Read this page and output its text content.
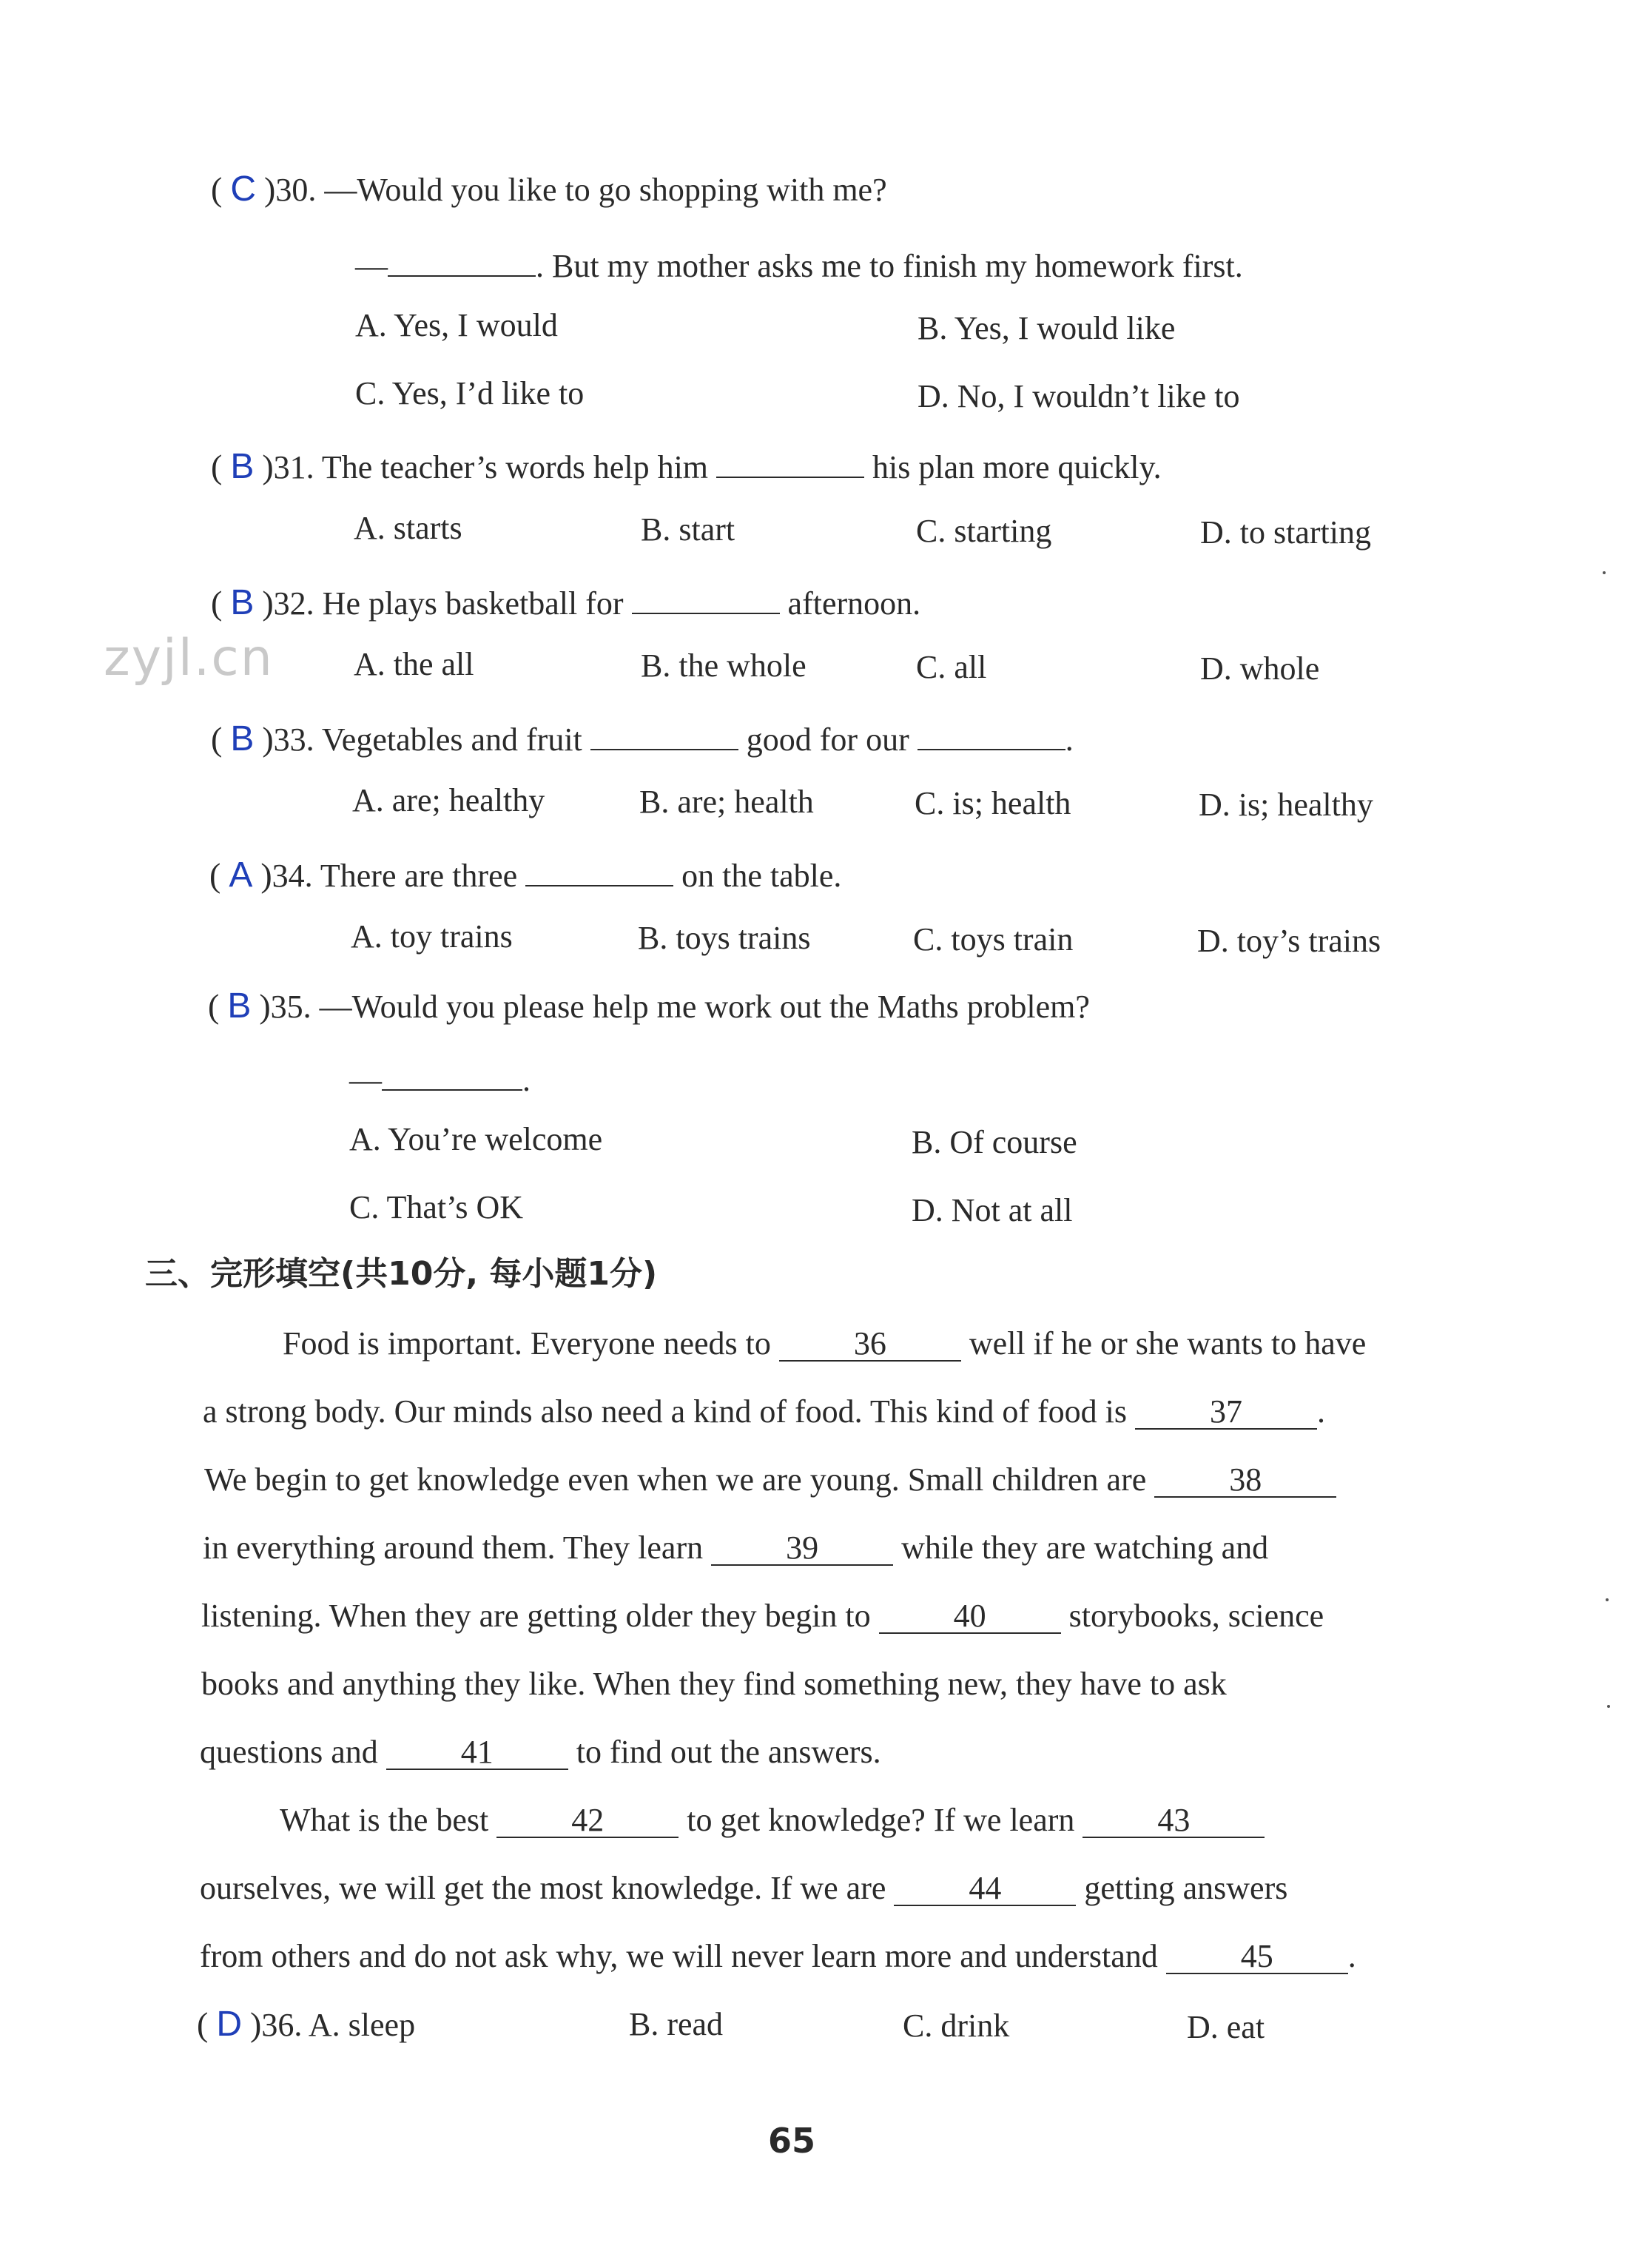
zyjl.cn
( C )30. —Would you like to go shopping with me?
—	. But my mother asks me to finish my homework first.
A. Yes, I would	B. Yes, I would like
C. Yes, I’d like to	D. No, I wouldn’t like to
( B )31. The teacher’s words help him	his plan more quickly.
A. starts	B. start	C. starting	D. to starting
( B )32. He plays basketball for	afternoon.
A. the all	B. the whole	C. all	D. whole
( B )33. Vegetables and fruit	good for our	.
A. are; healthy	B. are; health	C. is; health	D. is; healthy
( A )34. There are three	on the table.
A. toy trains	B. toys trains	C. toys train	D. toy’s trains
( B )35. —Would you please help me work out the Maths problem?
—	.
A. You’re welcome	B. Of course
C. That’s OK	D. Not at all
三、完形填空(共10分, 每小题1分)
Food is important. Everyone needs to	36	well if he or she wants to have
a strong body. Our minds also need a kind of food. This kind of food is	37 .
We begin to get knowledge even when we are young. Small children are	38
in everything around them. They learn	39	while they are watching and
listening. When they are getting older they begin to	40	storybooks, science
books and anything they like. When they find something new, they have to ask
questions and	41	to find out the answers.
What is the best	42	to get knowledge? If we learn	43
ourselves, we will get the most knowledge. If we are	44	getting answers
from others and do not ask why, we will never learn more and understand	45 .
( D )36. A. sleep	B. read	C. drink	D. eat
65
